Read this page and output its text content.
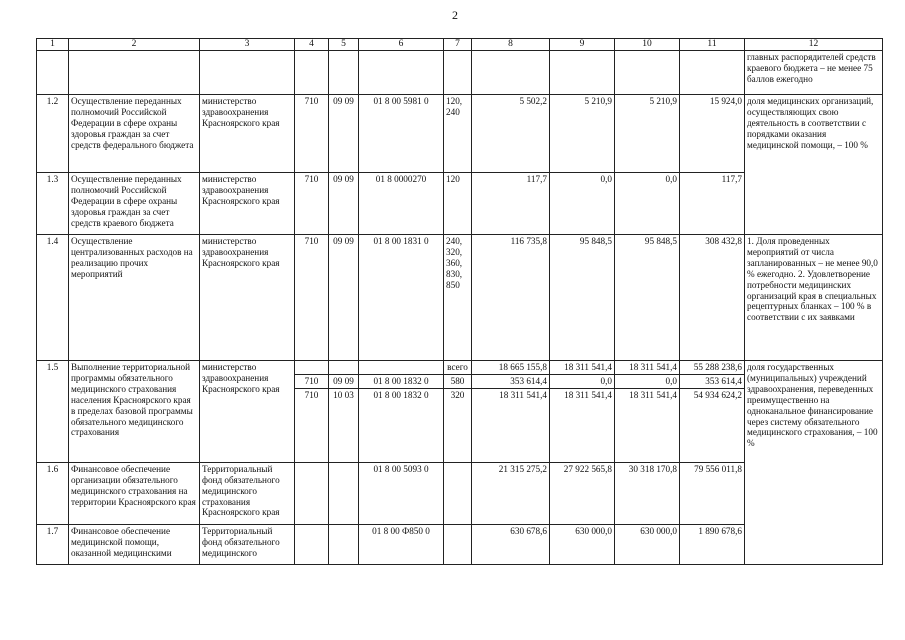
2
1	2	3	4	5	6	7	8	9	10	11	12
											главных распорядителей средств краевого бюджета – не менее 75 баллов ежегодно
1.2	Осуществление переданных полномочий Российской Федерации в сфере охраны здоровья граждан за счет средств федерального бюджета	министерство здравоохранения Красноярского края	710	09 09	01 8 00 5981 0	120, 240	5 502,2	5 210,9	5 210,9	15 924,0	доля медицинских организаций, осуществляющих свою деятельность в соответствии с порядками оказания медицинской помощи, – 100 %
1.3	Осуществление переданных полномочий Российской Федерации в сфере охраны здоровья граждан за счет средств краевого бюджета	министерство здравоохранения Красноярского края	710	09 09	01 8 0000270	120	117,7	0,0	0,0	117,7	
1.4	Осуществление централизованных расходов на реализацию прочих мероприятий	министерство здравоохранения Красноярского края	710	09 09	01 8 00 1831 0	240, 320, 360, 830, 850	116 735,8	95 848,5	95 848,5	308 432,8	1. Доля проведенных мероприятий от числа запланированных – не менее 90,0 % ежегодно. 2. Удовлетворение потребности медицинских организаций края в специальных рецептурных бланках – 100 % в соответствии с их заявками
1.5	Выполнение территориальной программы обязательного медицинского страхования населения Красноярского края в пределах базовой программы обязательного медицинского страхования	министерство здравоохранения Красноярского края				всего	18 665 155,8	18 311 541,4	18 311 541,4	55 288 238,6	доля государственных (муниципальных) учреждений здравоохранения, переведенных преимущественно на одноканальное финансирование через систему обязательного медицинского страхования, – 100 %
			710	09 09	01 8 00 1832 0	580	353 614,4	0,0	0,0	353 614,4	
			710	10 03	01 8 00 1832 0	320	18 311 541,4	18 311 541,4	18 311 541,4	54 934 624,2	
1.6	Финансовое обеспечение организации обязательного медицинского страхования на территории Красноярского края	Территориальный фонд обязательного медицинского страхования Красноярского края			01 8 00 5093 0		21 315 275,2	27 922 565,8	30 318 170,8	79 556 011,8	
1.7	Финансовое обеспечение медицинской помощи, оказанной медицинскими	Территориальный фонд обязательного медицинского			01 8 00 Ф850 0		630 678,6	630 000,0	630 000,0	1 890 678,6	
